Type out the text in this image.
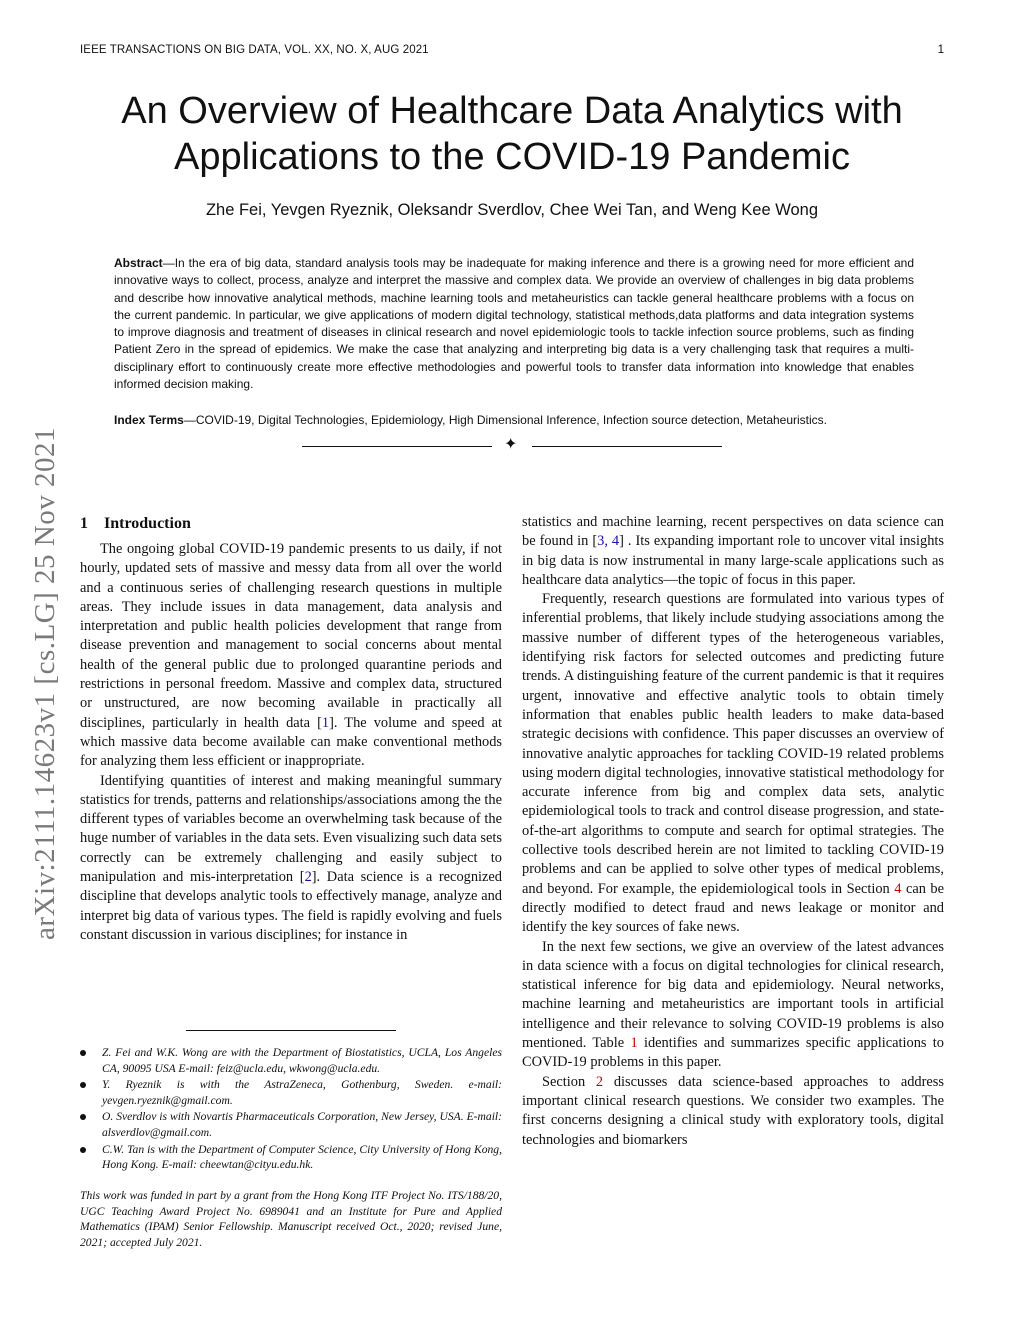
IEEE TRANSACTIONS ON BIG DATA, VOL. XX, NO. X, AUG 2021	1
An Overview of Healthcare Data Analytics with
Applications to the COVID-19 Pandemic
Zhe Fei, Yevgen Ryeznik, Oleksandr Sverdlov, Chee Wei Tan, and Weng Kee Wong

Abstract—In the era of big data, standard analysis tools may be inadequate for making inference and there is a growing need for more efficient and innovative ways to collect, process, analyze and interpret the massive and complex data. We provide an overview of challenges in big data problems and describe how innovative analytical methods, machine learning tools and metaheuristics can tackle general healthcare problems with a focus on the current pandemic. In particular, we give applications of modern digital technology, statistical methods,data platforms and data integration systems to improve diagnosis and treatment of diseases in clinical research and novel epidemiologic tools to tackle infection source problems, such as finding Patient Zero in the spread of epidemics. We make the case that analyzing and interpreting big data is a very challenging task that requires a multi-disciplinary effort to continuously create more effective methodologies and powerful tools to transfer data information into knowledge that enables informed decision making.

Index Terms—COVID-19, Digital Technologies, Epidemiology, High Dimensional Inference, Infection source detection, Metaheuristics.
✦
arXiv:2111.14623v1 [cs.LG] 25 Nov 2021 1 Introduction

The ongoing global COVID-19 pandemic presents to us daily, if not hourly, updated sets of massive and messy data from all over the world and a continuous series of challenging research questions in multiple areas. They include issues in data management, data analysis and interpretation and public health policies development that range from disease prevention and management to social concerns about mental health of the general public due to prolonged quarantine periods and restrictions in personal freedom. Massive and complex data, structured or unstructured, are now becoming available in practically all disciplines, particularly in health data [1]. The volume and speed at which massive data become available can make conventional methods for analyzing them less efficient or inappropriate.

Identifying quantities of interest and making meaningful summary statistics for trends, patterns and relationships/associations among the the different types of variables become an overwhelming task because of the huge number of variables in the data sets. Even visualizing such data sets correctly can be extremely challenging and easily subject to manipulation and mis-interpretation [2]. Data science is a recognized discipline that develops analytic tools to effectively manage, analyze and interpret big data of various types. The field is rapidly evolving and fuels constant discussion in various disciplines; for instance in

Z. Fei and W.K. Wong are with the Department of Biostatistics, UCLA, Los Angeles CA, 90095 USA E-mail: feiz@ucla.edu, wkwong@ucla.edu.
Y. Ryeznik is with the AstraZeneca, Gothenburg, Sweden. e-mail: yevgen.ryeznik@gmail.com.
O. Sverdlov is with Novartis Pharmaceuticals Corporation, New Jersey, USA. E-mail: alsverdlov@gmail.com.
C.W. Tan is with the Department of Computer Science, City University of Hong Kong, Hong Kong. E-mail: cheewtan@cityu.edu.hk.

This work was funded in part by a grant from the Hong Kong ITF Project No. ITS/188/20, UGC Teaching Award Project No. 6989041 and an Institute for Pure and Applied Mathematics (IPAM) Senior Fellowship. Manuscript received Oct., 2020; revised June, 2021; accepted July 2021.

statistics and machine learning, recent perspectives on data science can be found in [3, 4] . Its expanding important role to uncover vital insights in big data is now instrumental in many large-scale applications such as healthcare data analytics—the topic of focus in this paper.

Frequently, research questions are formulated into various types of inferential problems, that likely include studying associations among the massive number of different types of the heterogeneous variables, identifying risk factors for selected outcomes and predicting future trends. A distinguishing feature of the current pandemic is that it requires urgent, innovative and effective analytic tools to obtain timely information that enables public health leaders to make data-based strategic decisions with confidence. This paper discusses an overview of innovative analytic approaches for tackling COVID-19 related problems using modern digital technologies, innovative statistical methodology for accurate inference from big and complex data sets, analytic epidemiological tools to track and control disease progression, and state-of-the-art algorithms to compute and search for optimal strategies. The collective tools described herein are not limited to tackling COVID-19 problems and can be applied to solve other types of medical problems, and beyond. For example, the epidemiological tools in Section 4 can be directly modified to detect fraud and news leakage or monitor and identify the key sources of fake news.

In the next few sections, we give an overview of the latest advances in data science with a focus on digital technologies for clinical research, statistical inference for big data and epidemiology. Neural networks, machine learning and metaheuristics are important tools in artificial intelligence and their relevance to solving COVID-19 problems is also mentioned. Table 1 identifies and summarizes specific applications to COVID-19 problems in this paper.

Section 2 discusses data science-based approaches to address important clinical research questions. We consider two examples. The first concerns designing a clinical study with exploratory tools, digital technologies and biomarkers
